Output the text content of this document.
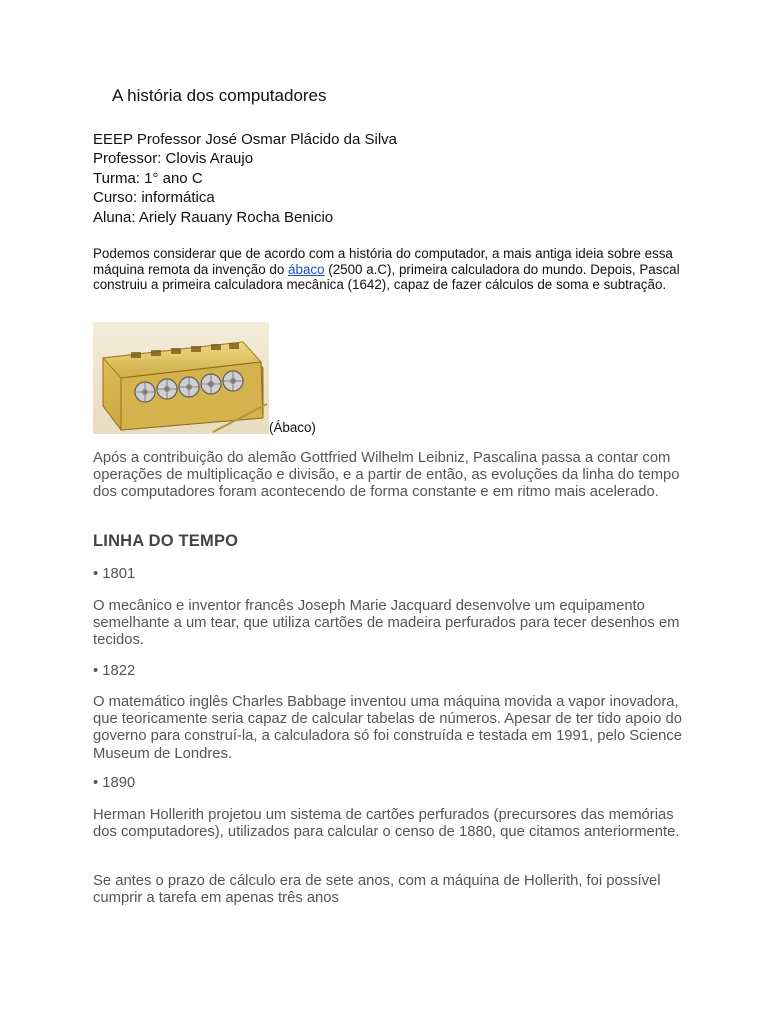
A história dos computadores
EEEP Professor José Osmar Plácido da Silva
Professor: Clovis Araujo
Turma: 1° ano C
Curso: informática
Aluna: Ariely Rauany Rocha Benicio
Podemos considerar que de acordo com a história do computador, a mais antiga ideia sobre essa máquina remota da invenção do ábaco (2500 a.C), primeira calculadora do mundo. Depois, Pascal construiu a primeira calculadora mecânica (1642), capaz de fazer cálculos de soma e subtração.
(Ábaco)
Após a contribuição do alemão Gottfried Wilhelm Leibniz, Pascalina passa a contar com operações de multiplicação e divisão, e a partir de então, as evoluções da linha do tempo dos computadores foram acontecendo de forma constante e em ritmo mais acelerado.
LINHA DO TEMPO
• 1801
O mecânico e inventor francês Joseph Marie Jacquard desenvolve um equipamento semelhante a um tear, que utiliza cartões de madeira perfurados para tecer desenhos em tecidos.
• 1822
O matemático inglês Charles Babbage inventou uma máquina movida a vapor inovadora, que teoricamente seria capaz de calcular tabelas de números. Apesar de ter tido apoio do governo para construí-la, a calculadora só foi construída e testada em 1991, pelo Science Museum de Londres.
• 1890
Herman Hollerith projetou um sistema de cartões perfurados (precursores das memórias dos computadores), utilizados para calcular o censo de 1880, que citamos anteriormente.
Se antes o prazo de cálculo era de sete anos, com a máquina de Hollerith, foi possível cumprir a tarefa em apenas três anos
